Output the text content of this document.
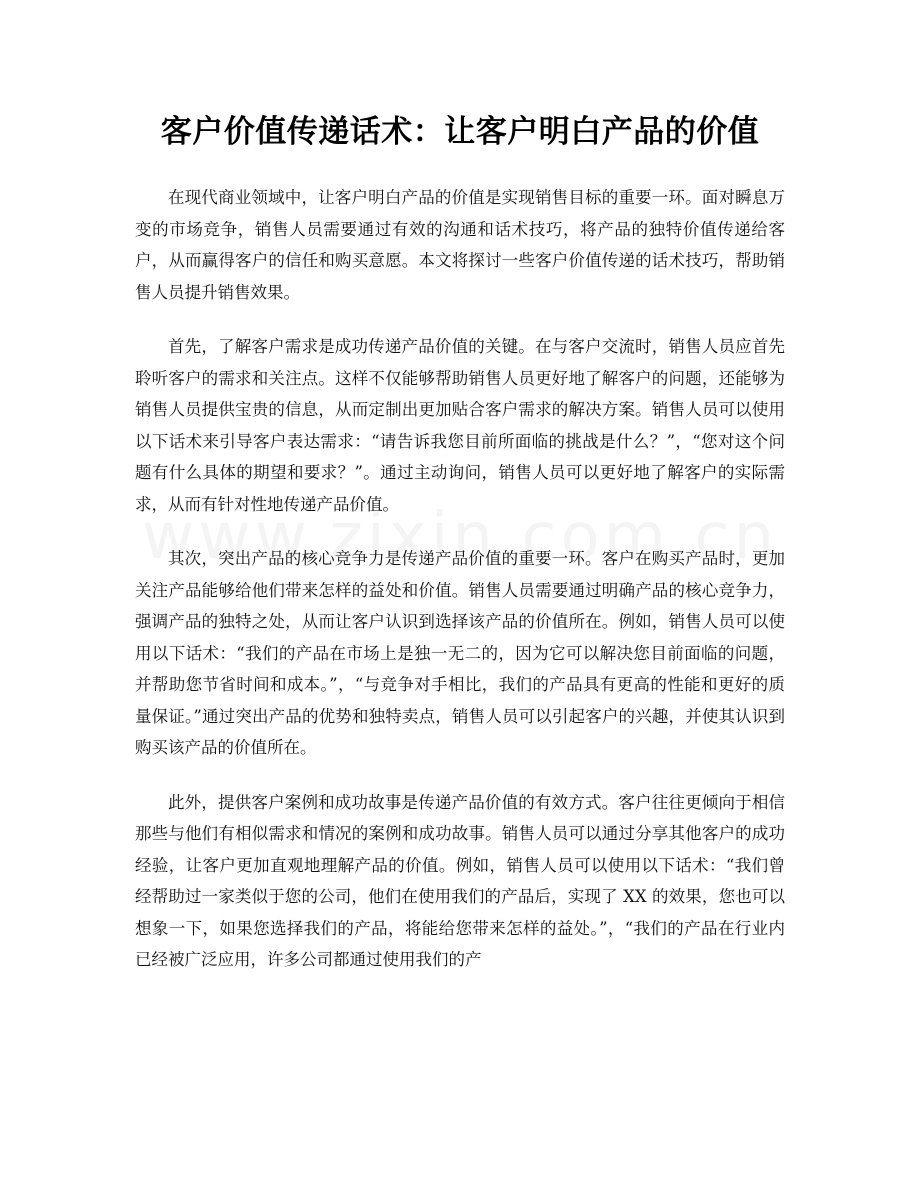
客户价值传递话术：让客户明白产品的价值

在现代商业领域中，让客户明白产品的价值是实现销售目标的重要一环。面对瞬息万变的市场竞争，销售人员需要通过有效的沟通和话术技巧，将产品的独特价值传递给客户，从而赢得客户的信任和购买意愿。本文将探讨一些客户价值传递的话术技巧，帮助销售人员提升销售效果。

首先，了解客户需求是成功传递产品价值的关键。在与客户交流时，销售人员应首先聆听客户的需求和关注点。这样不仅能够帮助销售人员更好地了解客户的问题，还能够为销售人员提供宝贵的信息，从而定制出更加贴合客户需求的解决方案。销售人员可以使用以下话术来引导客户表达需求：“请告诉我您目前所面临的挑战是什么？”，“您对这个问题有什么具体的期望和要求？”。通过主动询问，销售人员可以更好地了解客户的实际需求，从而有针对性地传递产品价值。

其次，突出产品的核心竞争力是传递产品价值的重要一环。客户在购买产品时，更加关注产品能够给他们带来怎样的益处和价值。销售人员需要通过明确产品的核心竞争力，强调产品的独特之处，从而让客户认识到选择该产品的价值所在。例如，销售人员可以使用以下话术：“我们的产品在市场上是独一无二的，因为它可以解决您目前面临的问题，并帮助您节省时间和成本。”，“与竞争对手相比，我们的产品具有更高的性能和更好的质量保证。”通过突出产品的优势和独特卖点，销售人员可以引起客户的兴趣，并使其认识到购买该产品的价值所在。

此外，提供客户案例和成功故事是传递产品价值的有效方式。客户往往更倾向于相信那些与他们有相似需求和情况的案例和成功故事。销售人员可以通过分享其他客户的成功经验，让客户更加直观地理解产品的价值。例如，销售人员可以使用以下话术：“我们曾经帮助过一家类似于您的公司，他们在使用我们的产品后，实现了 XX 的效果，您也可以想象一下，如果您选择我们的产品，将能给您带来怎样的益处。”，“我们的产品在行业内已经被广泛应用，许多公司都通过使用我们的产
